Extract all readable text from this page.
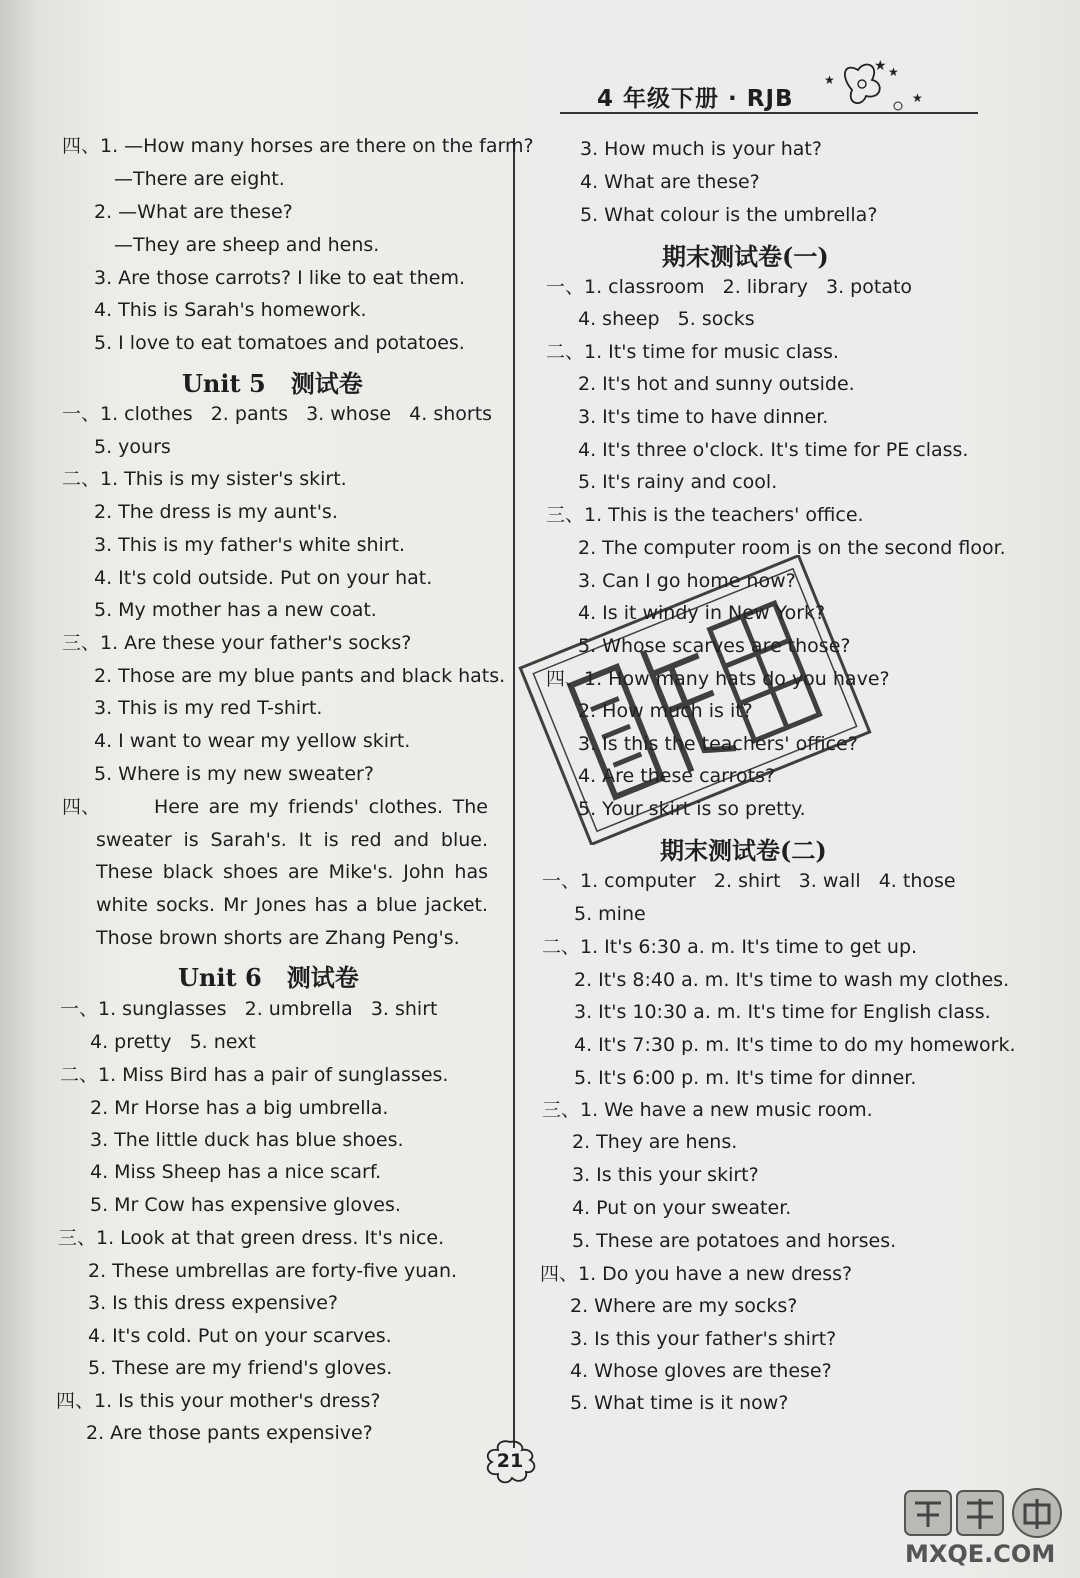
4 年级下册 · RJB
★
★ ★
★
四、1. —How many horses are there on the farm?
—There are eight.
2. —What are these?
—They are sheep and hens.
3. Are those carrots? I like to eat them.
4. This is Sarah's homework.
5. I love to eat tomatoes and potatoes.
Unit 5   测试卷
一、1. clothes   2. pants   3. whose   4. shorts
5. yours
二、1. This is my sister's skirt.
2. The dress is my aunt's.
3. This is my father's white shirt.
4. It's cold outside. Put on your hat.
5. My mother has a new coat.
三、1. Are these your father's socks?
2. Those are my blue pants and black hats.
3. This is my red T-shirt.
4. I want to wear my yellow skirt.
5. Where is my new sweater?
四、	Here are my friends' clothes. The sweater is Sarah's. It is red and blue. These black shoes are Mike's. John has white socks. Mr Jones has a blue jacket. Those brown shorts are Zhang Peng's.
Unit 6   测试卷
一、1. sunglasses   2. umbrella   3. shirt
4. pretty   5. next
二、1. Miss Bird has a pair of sunglasses.
2. Mr Horse has a big umbrella.
3. The little duck has blue shoes.
4. Miss Sheep has a nice scarf.
5. Mr Cow has expensive gloves.
三、1. Look at that green dress. It's nice.
2. These umbrellas are forty-five yuan.
3. Is this dress expensive?
4. It's cold. Put on your scarves.
5. These are my friend's gloves.
四、1. Is this your mother's dress?
2. Are those pants expensive?
3. How much is your hat?
4. What are these?
5. What colour is the umbrella?
期末测试卷(一)
一、1. classroom   2. library   3. potato
4. sheep   5. socks
二、1. It's time for music class.
2. It's hot and sunny outside.
3. It's time to have dinner.
4. It's three o'clock. It's time for PE class.
5. It's rainy and cool.
三、1. This is the teachers' office.
2. The computer room is on the second floor.
3. Can I go home now?
4. Is it windy in New York?
5. Whose scarves are those?
四、1. How many hats do you have?
2. How much is it?
3. Is this the teachers' office?
4. Are these carrots?
5. Your skirt is so pretty.
期末测试卷(二)
一、1. computer   2. shirt   3. wall   4. those
5. mine
二、1. It's 6:30 a. m. It's time to get up.
2. It's 8:40 a. m. It's time to wash my clothes.
3. It's 10:30 a. m. It's time for English class.
4. It's 7:30 p. m. It's time to do my homework.
5. It's 6:00 p. m. It's time for dinner.
三、1. We have a new music room.
2. They are hens.
3. Is this your skirt?
4. Put on your sweater.
5. These are potatoes and horses.
四、1. Do you have a new dress?
2. Where are my socks?
3. Is this your father's shirt?
4. Whose gloves are these?
5. What time is it now?
21
MXQE.COM
